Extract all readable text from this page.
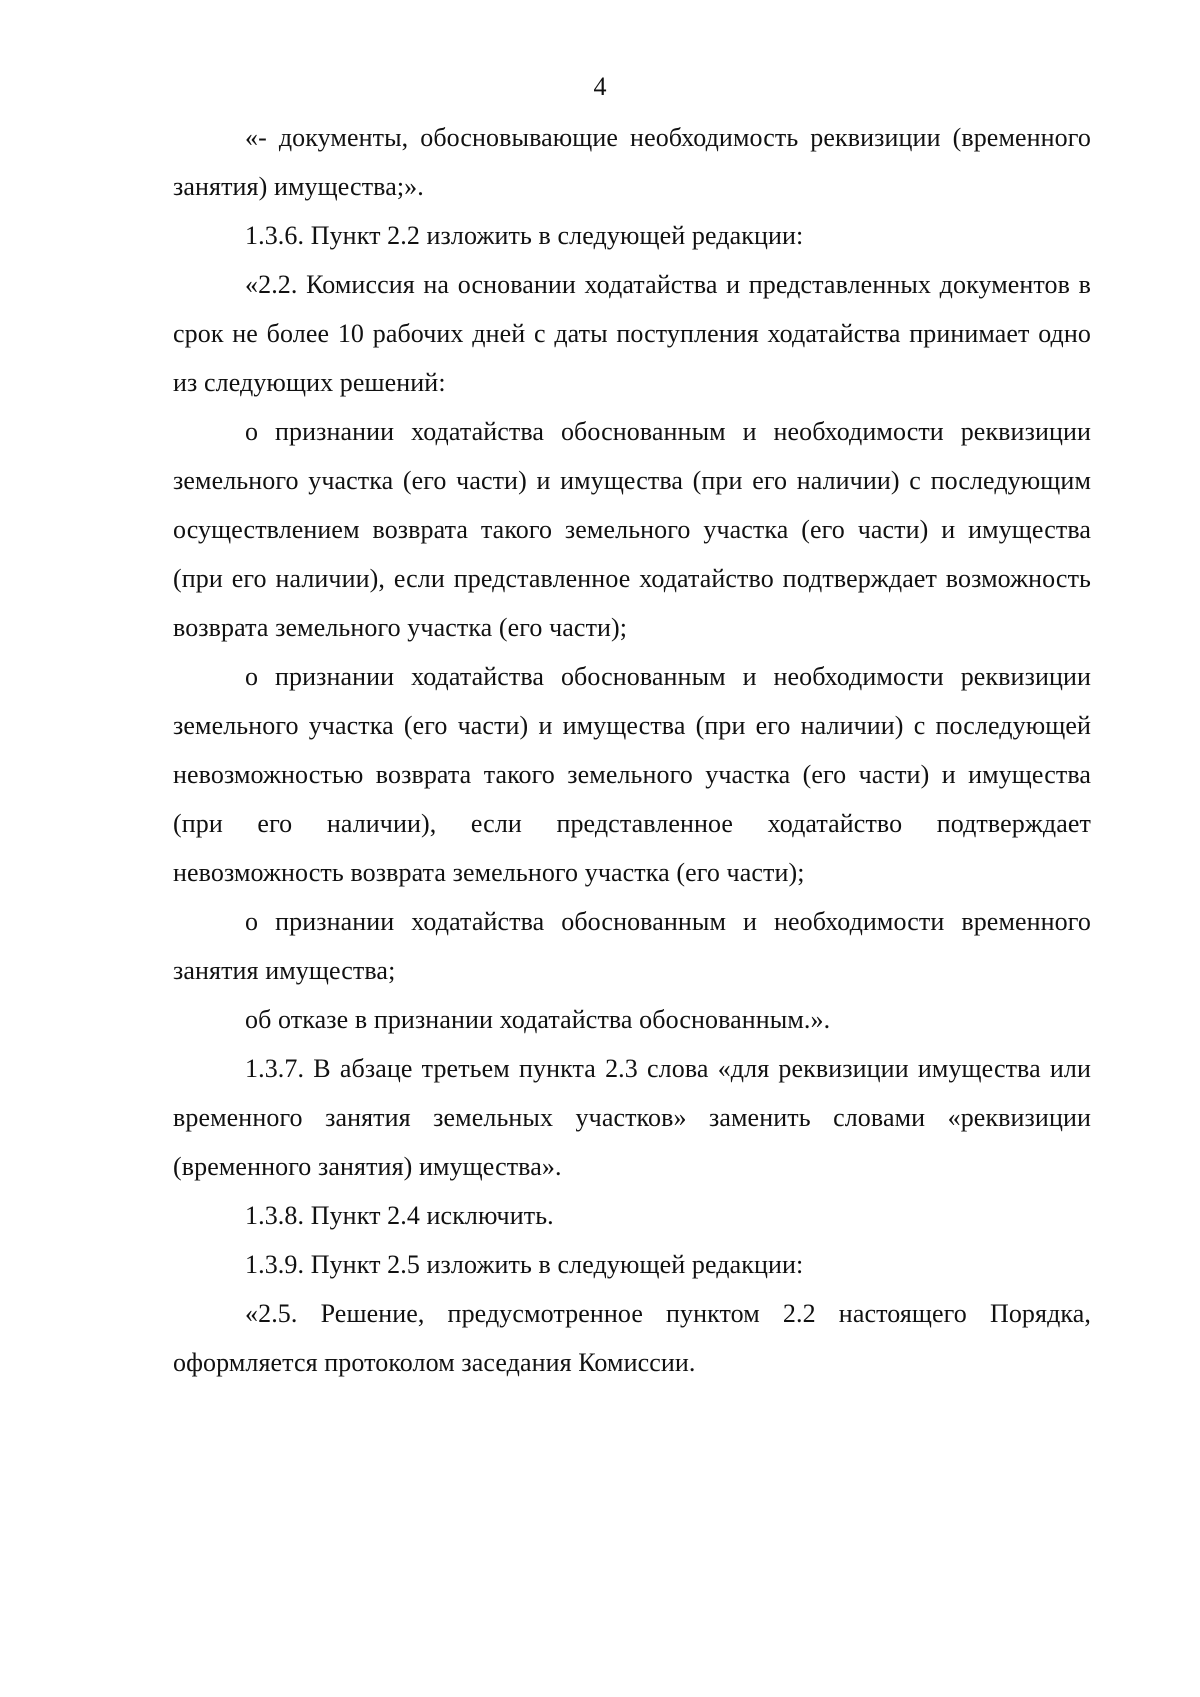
4

«- документы, обосновывающие необходимость реквизиции (временного занятия) имущества;».

1.3.6. Пункт 2.2 изложить в следующей редакции:

«2.2. Комиссия на основании ходатайства и представленных документов в срок не более 10 рабочих дней с даты поступления ходатайства принимает одно из следующих решений:

о признании ходатайства обоснованным и необходимости реквизиции земельного участка (его части) и имущества (при его наличии) с последующим осуществлением возврата такого земельного участка (его части) и имущества (при его наличии), если представленное ходатайство подтверждает возможность возврата земельного участка (его части);

о признании ходатайства обоснованным и необходимости реквизиции земельного участка (его части) и имущества (при его наличии) с последующей невозможностью возврата такого земельного участка (его части) и имущества (при его наличии), если представленное ходатайство подтверждает невозможность возврата земельного участка (его части);

о признании ходатайства обоснованным и необходимости временного занятия имущества;

об отказе в признании ходатайства обоснованным.».

1.3.7. В абзаце третьем пункта 2.3 слова «для реквизиции имущества или временного занятия земельных участков» заменить словами «реквизиции (временного занятия) имущества».

1.3.8. Пункт 2.4 исключить.

1.3.9. Пункт 2.5 изложить в следующей редакции:

«2.5. Решение, предусмотренное пунктом 2.2 настоящего Порядка, оформляется протоколом заседания Комиссии.
